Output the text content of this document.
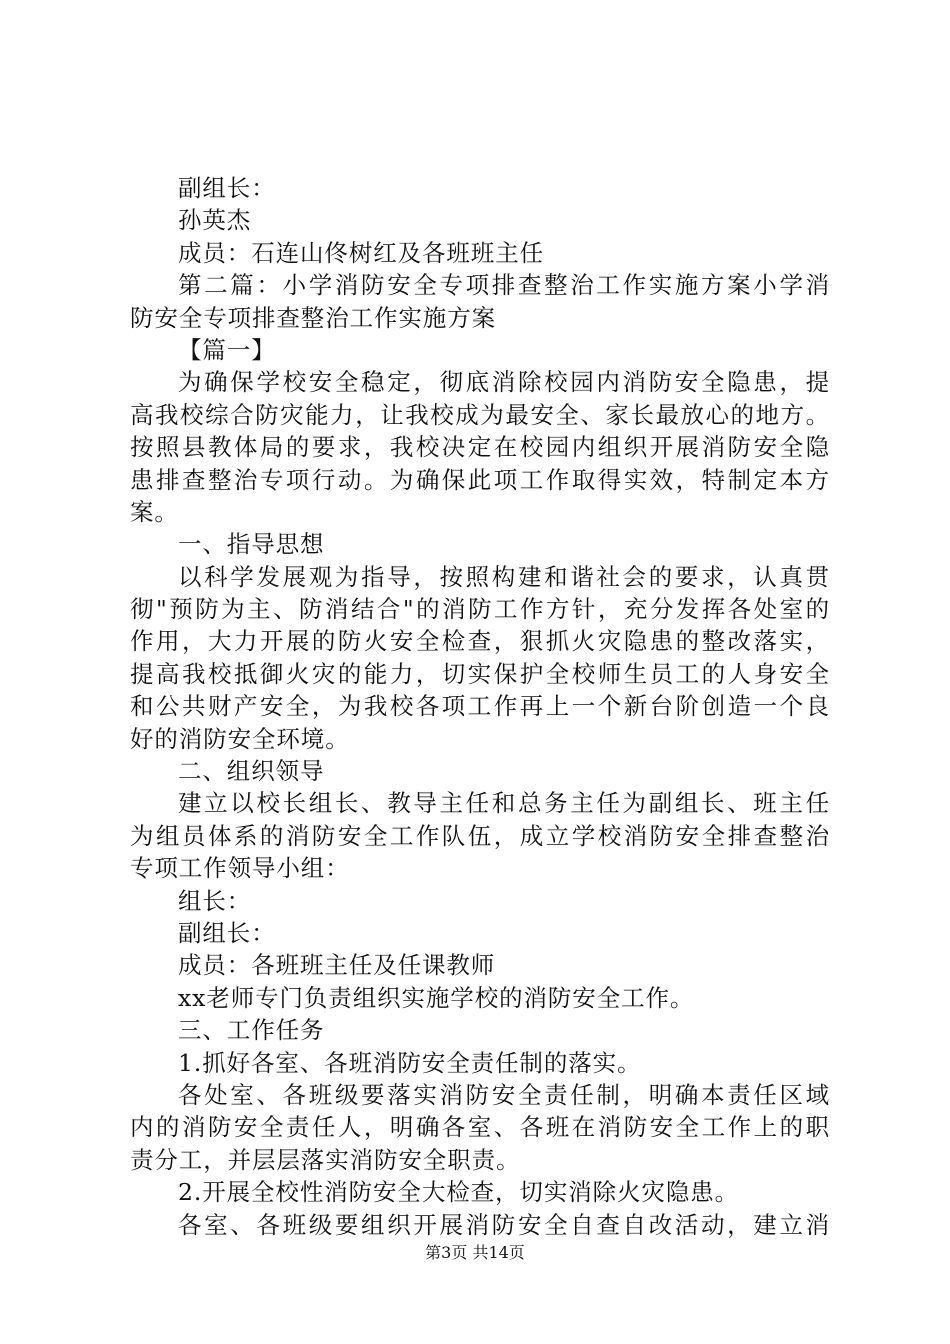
副组长：
孙英杰
成员：石连山佟树红及各班班主任
第二篇：小学消防安全专项排查整治工作实施方案小学消
防安全专项排查整治工作实施方案
【篇一】
为确保学校安全稳定，彻底消除校园内消防安全隐患，提
高我校综合防灾能力，让我校成为最安全、家长最放心的地方。
按照县教体局的要求，我校决定在校园内组织开展消防安全隐
患排查整治专项行动。为确保此项工作取得实效，特制定本方
案。
一、指导思想
以科学发展观为指导，按照构建和谐社会的要求，认真贯
彻"预防为主、防消结合"的消防工作方针，充分发挥各处室的
作用，大力开展的防火安全检查，狠抓火灾隐患的整改落实，
提高我校抵御火灾的能力，切实保护全校师生员工的人身安全
和公共财产安全，为我校各项工作再上一个新台阶创造一个良
好的消防安全环境。
二、组织领导
建立以校长组长、教导主任和总务主任为副组长、班主任
为组员体系的消防安全工作队伍，成立学校消防安全排查整治
专项工作领导小组：
组长：
副组长：
成员：各班班主任及任课教师
xx老师专门负责组织实施学校的消防安全工作。
三、工作任务
1.抓好各室、各班消防安全责任制的落实。
各处室、各班级要落实消防安全责任制，明确本责任区域
内的消防安全责任人，明确各室、各班在消防安全工作上的职
责分工，并层层落实消防安全职责。
2.开展全校性消防安全大检查，切实消除火灾隐患。
各室、各班级要组织开展消防安全自查自改活动，建立消
第3页 共14页
